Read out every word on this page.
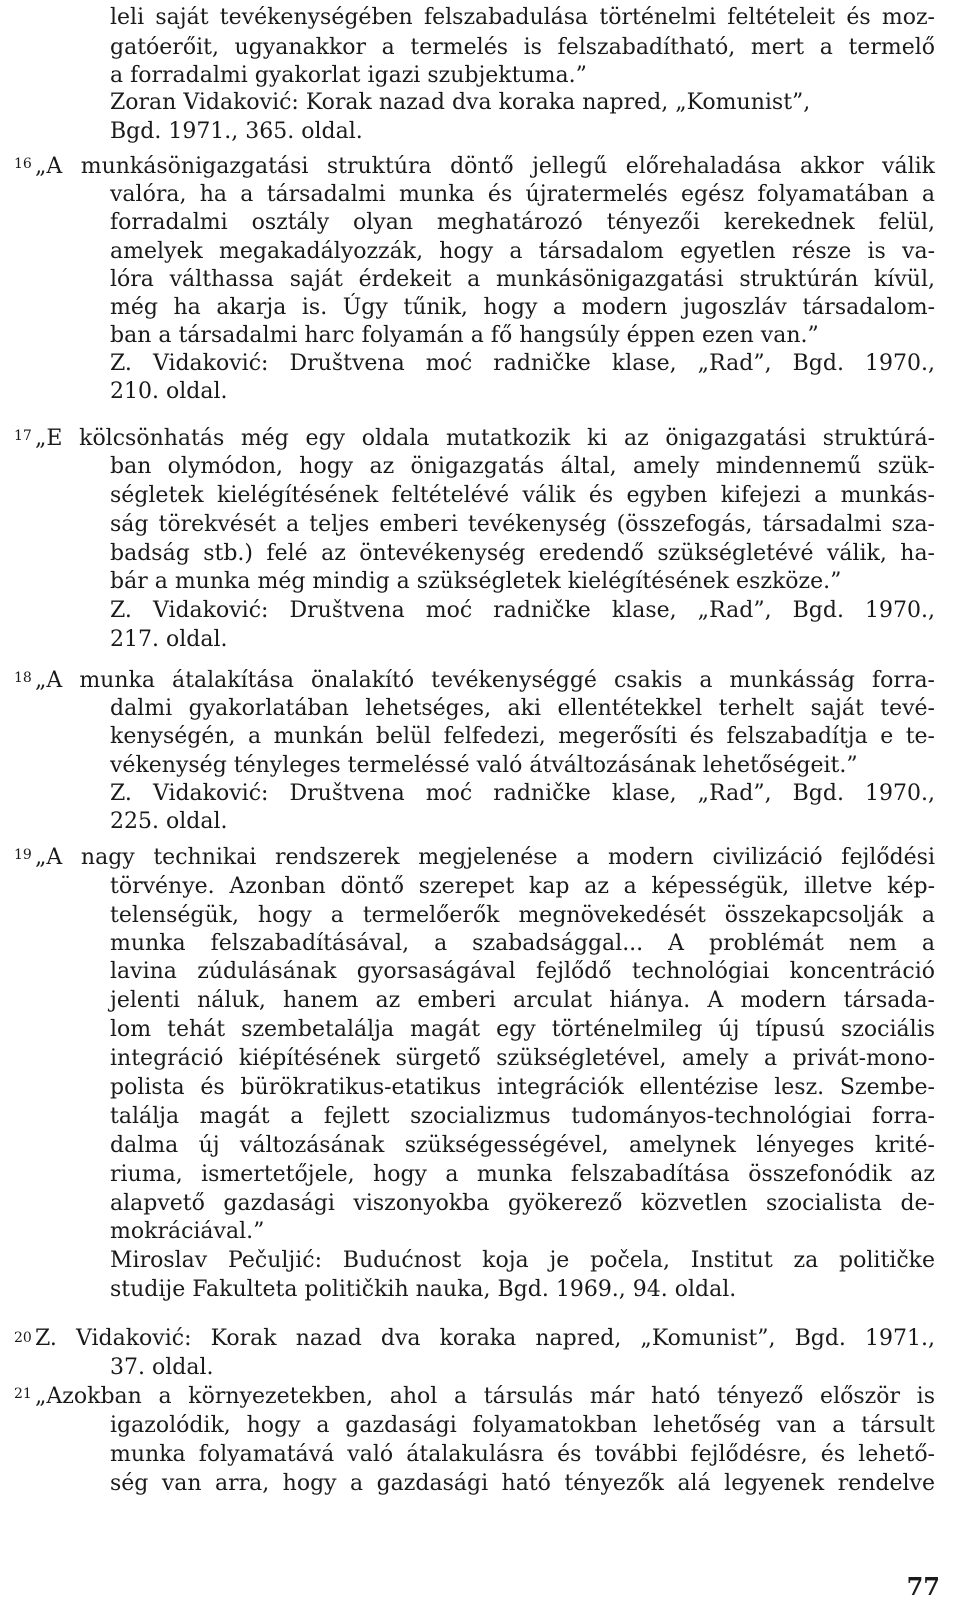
16
17
18
19
20
21
leli saját tevékenységében felszabadulása történelmi feltételeit és moz-
gatóerőit, ugyanakkor a termelés is felszabadítható, mert a termelő
a forradalmi gyakorlat igazi szubjektuma.”
Zoran Vidaković: Korak nazad dva koraka napred, „Komunist”,
Bgd. 1971., 365. oldal.
„A munkásönigazgatási struktúra döntő jellegű előrehaladása akkor válik
valóra, ha a társadalmi munka és újratermelés egész folyamatában a
forradalmi osztály olyan meghatározó tényezői kerekednek felül,
amelyek megakadályozzák, hogy a társadalom egyetlen része is va-
lóra válthassa saját érdekeit a munkásönigazgatási struktúrán kívül,
még ha akarja is. Úgy tűnik, hogy a modern jugoszláv társadalom-
ban a társadalmi harc folyamán a fő hangsúly éppen ezen van.”
Z. Vidaković: Društvena moć radničke klase, „Rad”, Bgd. 1970.,
210. oldal.
„E kölcsönhatás még egy oldala mutatkozik ki az önigazgatási struktúrá-
ban olymódon, hogy az önigazgatás által, amely mindennemű szük-
ségletek kielégítésének feltételévé válik és egyben kifejezi a munkás-
ság törekvését a teljes emberi tevékenység (összefogás, társadalmi sza-
badság stb.) felé az öntevékenység eredendő szükségletévé válik, ha-
bár a munka még mindig a szükségletek kielégítésének eszköze.”
Z. Vidaković: Društvena moć radničke klase, „Rad”, Bgd. 1970.,
217. oldal.
„A munka átalakítása önalakító tevékenységgé csakis a munkásság forra-
dalmi gyakorlatában lehetséges, aki ellentétekkel terhelt saját tevé-
kenységén, a munkán belül felfedezi, megerősíti és felszabadítja e te-
vékenység tényleges termeléssé való átváltozásának lehetőségeit.”
Z. Vidaković: Društvena moć radničke klase, „Rad”, Bgd. 1970.,
225. oldal.
„A nagy technikai rendszerek megjelenése a modern civilizáció fejlődési
törvénye. Azonban döntő szerepet kap az a képességük, illetve kép-
telenségük, hogy a termelőerők megnövekedését összekapcsolják a
munka felszabadításával, a szabadsággal... A problémát nem a
lavina zúdulásának gyorsaságával fejlődő technológiai koncentráció
jelenti náluk, hanem az emberi arculat hiánya. A modern társada-
lom tehát szembetalálja magát egy történelmileg új típusú szociális
integráció kiépítésének sürgető szükségletével, amely a privát-mono-
polista és bürökratikus-etatikus integrációk ellentézise lesz. Szembe-
találja magát a fejlett szocializmus tudományos-technológiai forra-
dalma új változásának szükségességével, amelynek lényeges krité-
riuma, ismertetőjele, hogy a munka felszabadítása összefonódik az
alapvető gazdasági viszonyokba gyökerező közvetlen szocialista de-
mokráciával.”
Miroslav Pečuljić: Budućnost koja je počela, Institut za političke
studije Fakulteta političkih nauka, Bgd. 1969., 94. oldal.
Z. Vidaković: Korak nazad dva koraka napred, „Komunist”, Bgd. 1971.,
37. oldal.
„Azokban a környezetekben, ahol a társulás már ható tényező először is
igazolódik, hogy a gazdasági folyamatokban lehetőség van a társult
munka folyamatává való átalakulásra és további fejlődésre, és lehető-
ség van arra, hogy a gazdasági ható tényezők alá legyenek rendelve
77
